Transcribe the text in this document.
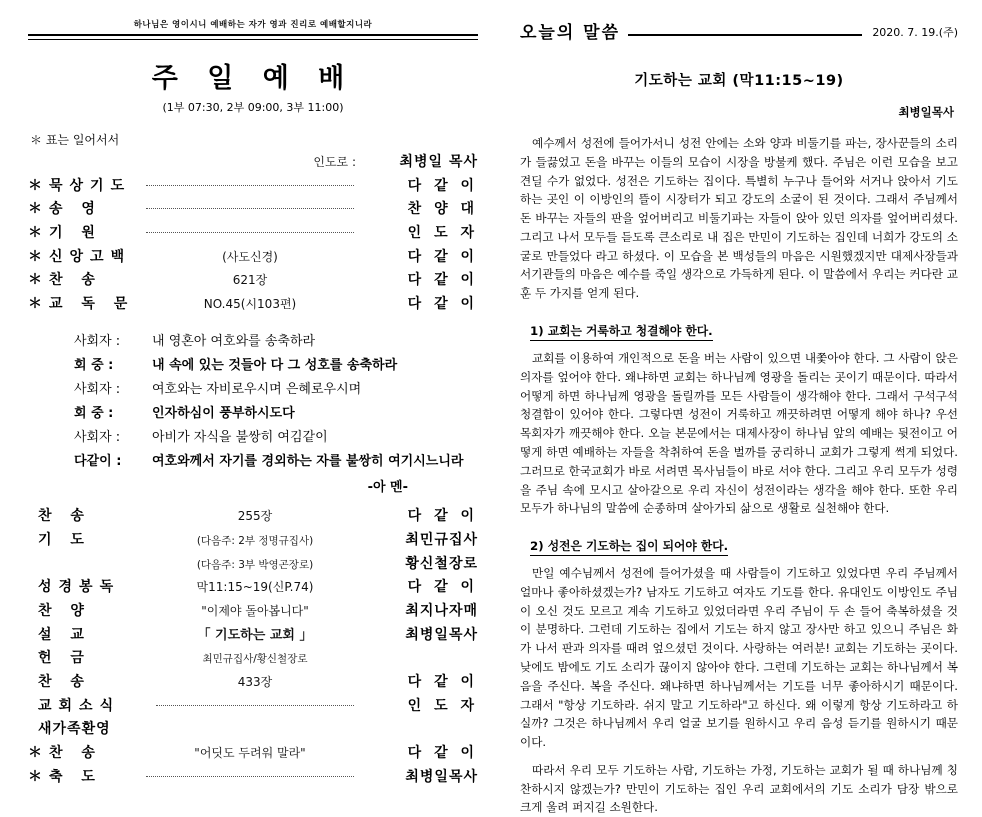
하나님은 영이시니 예배하는 자가 영과 진리로 예배할지니라
주 일 예 배
(1부 07:30, 2부 09:00, 3부 11:00)
＊ 표는 일어서서
인도로 :	최병일 목사
＊묵상기도	다 같 이
＊송 영	찬 양 대
＊기 원	인 도 자
＊신앙고백	(사도신경)	다 같 이
＊찬 송	621장	다 같 이
＊교 독 문	NO.45(시103편)	다 같 이
사회자 :	내 영혼아 여호와를 송축하라
회 중 :	내 속에 있는 것들아 다 그 성호를 송축하라
사회자 :	여호와는 자비로우시며 은혜로우시며
회 중 :	인자하심이 풍부하시도다
사회자 :	아비가 자식을 불쌍히 여김같이
다같이 :	여호와께서 자기를 경외하는 자를 불쌍히 여기시느니라
-아 멘-
찬 송	255장	다 같 이
기 도	(다음주: 2부 정명규집사)	최민규집사
(다음주: 3부 박영곤장로)	황신철장로
성경봉독	막11:15~19(신P.74)	다 같 이
찬 양	"이제야 돌아봅니다"	최지나자매
설 교	「 기도하는 교회 」	최병일목사
헌 금	최민규집사/황신철장로
찬 송	433장	다 같 이
교회소식	인 도 자
새가족환영
＊찬 송	"어딧도 두려워 말라"	다 같 이
＊축 도	최병일목사
오늘의 말씀	2020. 7. 19.(주)
기도하는 교회 (막11:15~19)
최병일목사

예수께서 성전에 들어가서니 성전 안에는 소와 양과 비둘기를 파는, 장사꾼들의 소리가 들끓었고 돈을 바꾸는 이들의 모습이 시장을 방불케 했다. 주님은 이런 모습을 보고 견딜 수가 없었다. 성전은 기도하는 집이다. 특별히 누구나 들어와 서거나 앉아서 기도하는 곳인 이 이방인의 뜰이 시장터가 되고 강도의 소굴이 된 것이다. 그래서 주님께서 돈 바꾸는 자들의 판을 엎어버리고 비둘기파는 자들이 앉아 있던 의자를 엎어버리셨다. 그리고 나서 모두들 듣도록 큰소리로 내 집은 만민이 기도하는 집인데 너희가 강도의 소굴로 만들었다 라고 하셨다. 이 모습을 본 백성들의 마음은 시원했겠지만 대제사장들과 서기관들의 마음은 예수를 죽일 생각으로 가득하게 된다. 이 말씀에서 우리는 커다란 교훈 두 가지를 얻게 된다.

1) 교회는 거룩하고 청결해야 한다.

교회를 이용하여 개인적으로 돈을 버는 사람이 있으면 내쫓아야 한다. 그 사람이 앉은 의자를 엎어야 한다. 왜냐하면 교회는 하나님께 영광을 돌리는 곳이기 때문이다. 따라서 어떻게 하면 하나님께 영광을 돌릴까를 모든 사람들이 생각해야 한다. 그래서 구석구석 청결함이 있어야 한다. 그렇다면 성전이 거룩하고 깨끗하려면 어떻게 해야 하나? 우선 목회자가 깨끗해야 한다. 오늘 본문에서는 대제사장이 하나님 앞의 예배는 뒷전이고 어떻게 하면 예배하는 자들을 착취하여 돈을 벌까를 궁리하니 교회가 그렇게 썩게 되었다. 그러므로 한국교회가 바로 서려면 목사님들이 바로 서야 한다. 그리고 우리 모두가 성령을 주님 속에 모시고 살아갈으로 우리 자신이 성전이라는 생각을 해야 한다. 또한 우리 모두가 하나님의 말씀에 순종하며 살아가되 삶으로 생활로 실천해야 한다.

2) 성전은 기도하는 집이 되어야 한다.

만일 예수님께서 성전에 들어가셨을 때 사람들이 기도하고 있었다면 우리 주님께서 얼마나 좋아하셨겠는가? 남자도 기도하고 여자도 기도를 한다. 유대인도 이방인도 주님이 오신 것도 모르고 계속 기도하고 있었더라면 우리 주님이 두 손 들어 축복하셨을 것이 분명하다. 그런데 기도하는 집에서 기도는 하지 않고 장사만 하고 있으니 주님은 화가 나서 판과 의자를 때려 엎으셨던 것이다. 사랑하는 여러분! 교회는 기도하는 곳이다. 낮에도 밤에도 기도 소리가 끊이지 않아야 한다. 그런데 기도하는 교회는 하나님께서 복음을 주신다. 복을 주신다. 왜냐하면 하나님께서는 기도를 너무 좋아하시기 때문이다. 그래서 "항상 기도하라. 쉬지 말고 기도하라"고 하신다. 왜 이렇게 항상 기도하라고 하실까? 그것은 하나님께서 우리 얼굴 보기를 원하시고 우리 음성 듣기를 원하시기 때문이다.

따라서 우리 모두 기도하는 사람, 기도하는 가정, 기도하는 교회가 될 때 하나님께 칭찬하시지 않겠는가? 만민이 기도하는 집인 우리 교회에서의 기도 소리가 담장 밖으로 크게 울려 퍼지길 소원한다.
